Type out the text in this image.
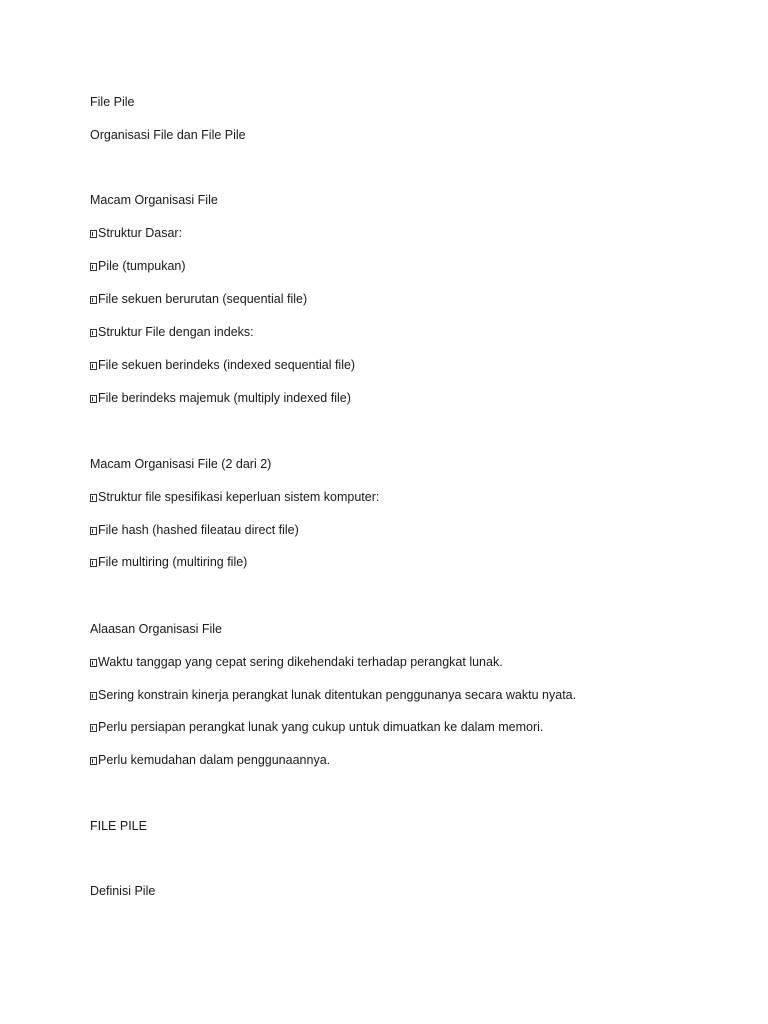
File Pile
Organisasi File dan File Pile
Macam Organisasi File
Struktur Dasar:
Pile (tumpukan)
File sekuen berurutan (sequential file)
Struktur File dengan indeks:
File sekuen berindeks (indexed sequential file)
File berindeks majemuk (multiply indexed file)
Macam Organisasi File (2 dari 2)
Struktur file spesifikasi keperluan sistem komputer:
File hash (hashed fileatau direct file)
File multiring (multiring file)
Alaasan Organisasi File
Waktu tanggap yang cepat sering dikehendaki terhadap perangkat lunak.
Sering konstrain kinerja perangkat lunak ditentukan penggunanya secara waktu nyata.
Perlu persiapan perangkat lunak yang cukup untuk dimuatkan ke dalam memori.
Perlu kemudahan dalam penggunaannya.
FILE PILE
Definisi Pile
